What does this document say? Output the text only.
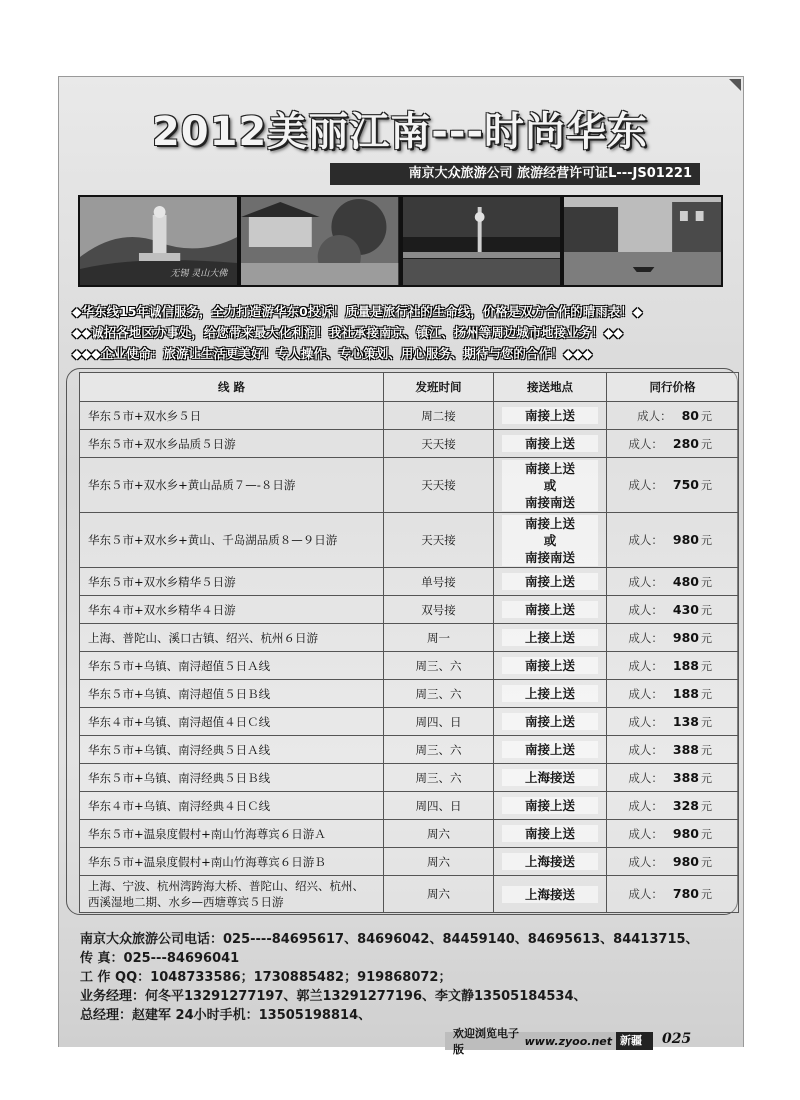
2012美丽江南---时尚华东
南京大众旅游公司 旅游经营许可证L---JS01221
无锡 灵山大佛
◆华东线15年诚信服务，全力打造游华东0投诉！质量是旅行社的生命线，价格是双方合作的晴雨表！◆
◆◆诚招各地区办事处，给您带来最大化利润！我社承接南京、镇江、扬州等周边城市地接业务！◆◆
◆◆◆企业使命：旅游让生活更美好！专人操作、专心策划、用心服务、期待与您的合作！◆◆◆
线 路	发班时间	接送地点	同行价格
华东５市+双水乡５日	周二接	南接上送	成人： 80 元
华东５市+双水乡品质５日游	天天接	南接上送	成人： 280 元
华东５市+双水乡+黄山品质７—-８日游	天天接	南接上送
或
南接南送	成人： 750 元
华东５市+双水乡+黄山、千岛湖品质８—９日游	天天接	南接上送
或
南接南送	成人： 980 元
华东５市+双水乡精华５日游	单号接	南接上送	成人： 480 元
华东４市+双水乡精华４日游	双号接	南接上送	成人： 430 元
上海、普陀山、溪口古镇、绍兴、杭州６日游	周一	上接上送	成人： 980 元
华东５市+乌镇、南浔超值５日Ａ线	周三、六	南接上送	成人： 188 元
华东５市+乌镇、南浔超值５日Ｂ线	周三、六	上接上送	成人： 188 元
华东４市+乌镇、南浔超值４日Ｃ线	周四、日	南接上送	成人： 138 元
华东５市+乌镇、南浔经典５日Ａ线	周三、六	南接上送	成人： 388 元
华东５市+乌镇、南浔经典５日Ｂ线	周三、六	上海接送	成人： 388 元
华东４市+乌镇、南浔经典４日Ｃ线	周四、日	南接上送	成人： 328 元
华东５市+温泉度假村+南山竹海尊宾６日游Ａ	周六	南接上送	成人： 980 元
华东５市+温泉度假村+南山竹海尊宾６日游Ｂ	周六	上海接送	成人： 980 元
上海、宁波、杭州湾跨海大桥、普陀山、绍兴、杭州、西溪湿地二期、水乡—西塘尊宾５日游	周六	上海接送	成人： 780 元
南京大众旅游公司电话：025----84695617、84696042、84459140、84695613、84413715、
传 真：025---84696041
工 作 QQ：1048733586；1730885482；919868072；
业务经理：何冬平13291277197、郭兰13291277196、李文静13505184534、
总经理：赵建军 24小时手机：13505198814、
欢迎浏览电子版
www.zyoo.net 新疆版
025
